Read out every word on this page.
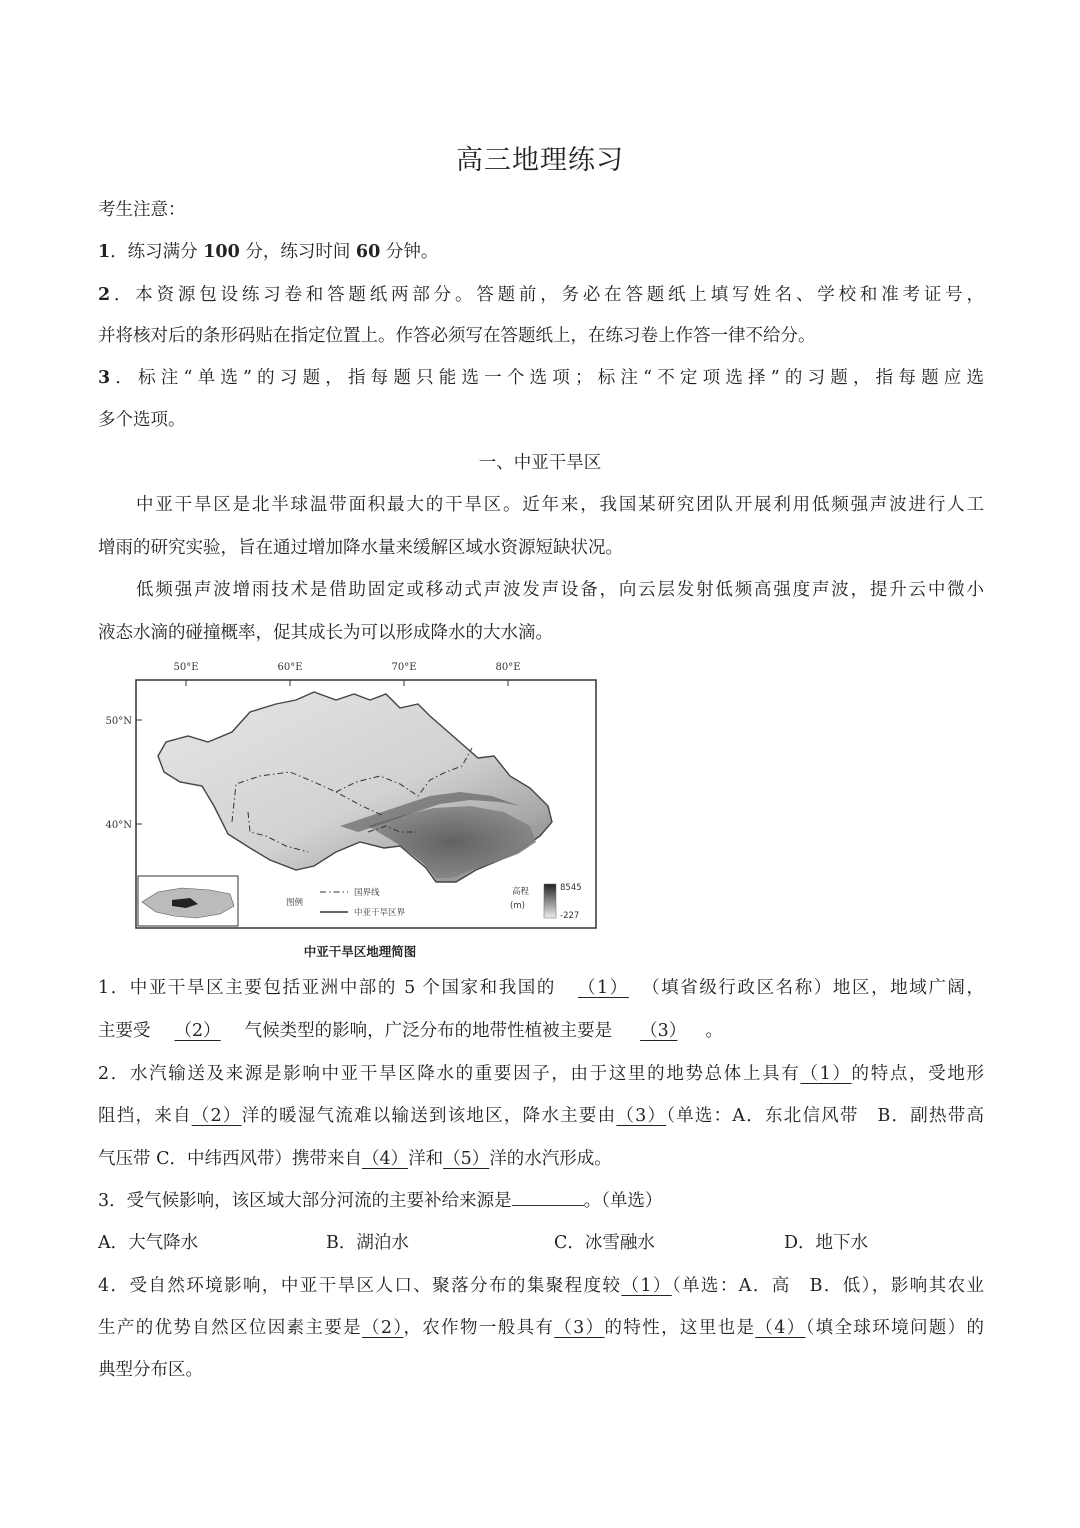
高三地理练习
考生注意：
1．练习满分 100 分，练习时间 60 分钟。
2．本资源包设练习卷和答题纸两部分。答题前，务必在答题纸上填写姓名、学校和准考证号，
并将核对后的条形码贴在指定位置上。作答必须写在答题纸上，在练习卷上作答一律不给分。
3．标注“单选”的习题，指每题只能选一个选项；标注“不定项选择”的习题，指每题应选
多个选项。
一、中亚干旱区
中亚干旱区是北半球温带面积最大的干旱区。近年来，我国某研究团队开展利用低频强声波进行人工
增雨的研究实验，旨在通过增加降水量来缓解区域水资源短缺状况。
低频强声波增雨技术是借助固定或移动式声波发声设备，向云层发射低频高强度声波，提升云中微小
液态水滴的碰撞概率，促其成长为可以形成降水的大水滴。
50°E	60°E	70°E	80°E
50°N
40°N
图例
国界线
中亚干旱区界
高程
(m)
8545
-227
中亚干旱区地理简图
1．中亚干旱区主要包括亚洲中部的 5 个国家和我国的 （1） （填省级行政区名称）地区，地域广阔，
主要受 （2） 气候类型的影响，广泛分布的地带性植被主要是 （3） 。
2．水汽输送及来源是影响中亚干旱区降水的重要因子，由于这里的地势总体上具有（1）的特点，受地形
阻挡，来自（2）洋的暖湿气流难以输送到该地区，降水主要由（3）（单选：A．东北信风带　B．副热带高
气压带 C．中纬西风带）携带来自（4）洋和（5）洋的水汽形成。
3．受气候影响，该区域大部分河流的主要补给来源是	。（单选）
A．大气降水	B．湖泊水	C．冰雪融水	D．地下水
4．受自然环境影响，中亚干旱区人口、聚落分布的集聚程度较（1）（单选：A．高　B．低），影响其农业
生产的优势自然区位因素主要是（2），农作物一般具有（3）的特性，这里也是（4）（填全球环境问题）的
典型分布区。
